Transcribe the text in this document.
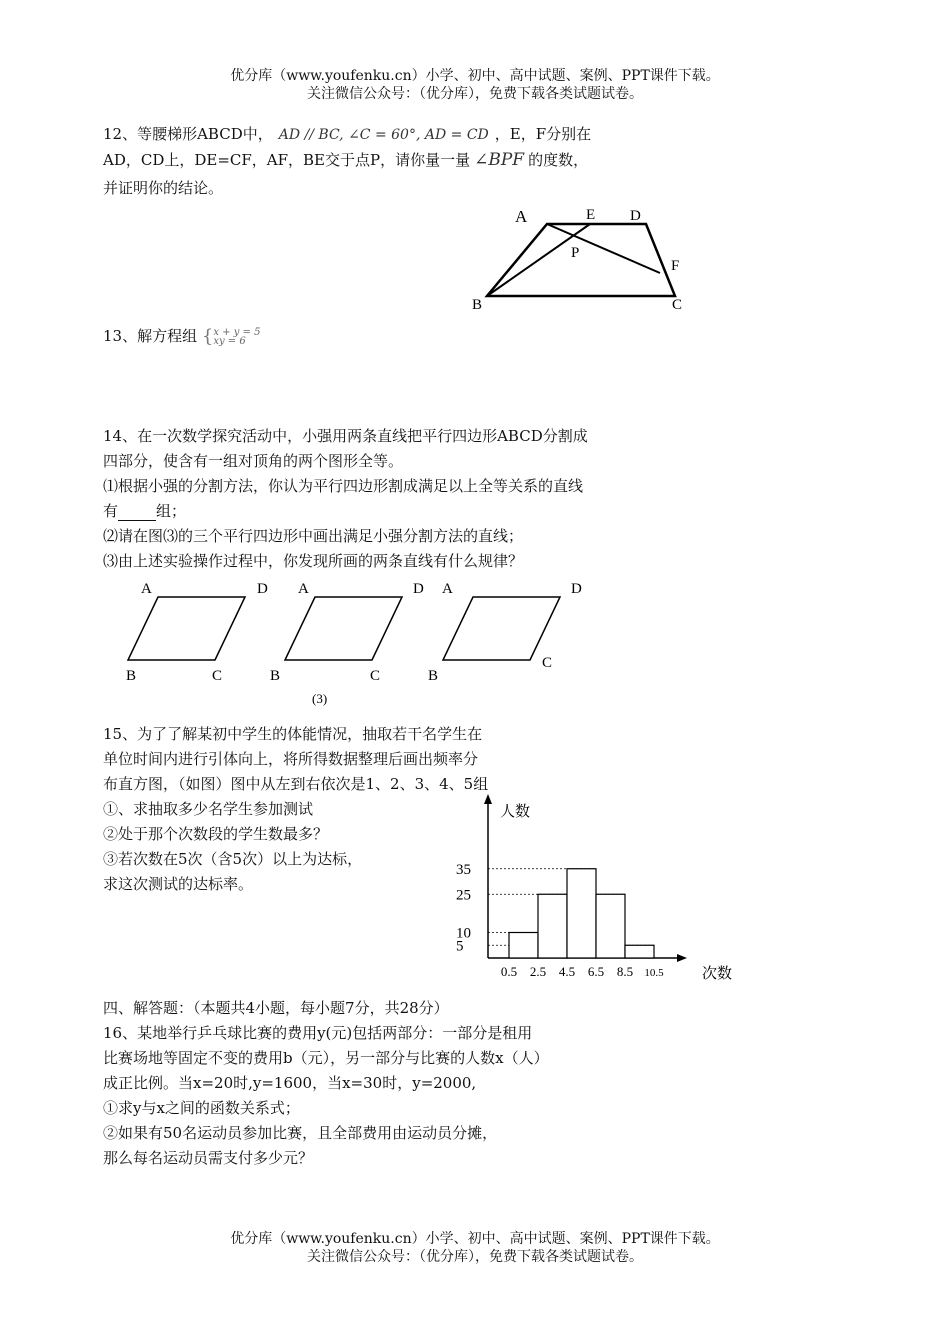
优分库（www.youfenku.cn）小学、初中、高中试题、案例、PPT课件下载。
关注微信公众号：（优分库），免费下载各类试题试卷。
12、等腰梯形ABCD中， AD // BC, ∠C = 60°, AD = CD ，E，F分别在
AD，CD上，DE=CF，AF，BE交于点P，请你量一量 ∠BPF 的度数，
并证明你的结论。
A	E D
P
F
B	C
13、解方程组 {x + y = 5
xy = 6
14、在一次数学探究活动中，小强用两条直线把平行四边形ABCD分割成
四部分，使含有一组对顶角的两个图形全等。
⑴根据小强的分割方法，你认为平行四边形割成满足以上全等关系的直线
有	组；
⑵请在图⑶的三个平行四边形中画出满足小强分割方法的直线；
⑶由上述实验操作过程中，你发现所画的两条直线有什么规律？
A	D
B	C
A	D
B	C
(3)
A	D
B
C
15、为了了解某初中学生的体能情况，抽取若干名学生在
单位时间内进行引体向上，将所得数据整理后画出频率分
布直方图，（如图）图中从左到右依次是1、2、3、4、5组
①、求抽取多少名学生参加测试
②处于那个次数段的学生数最多？
③若次数在5次（含5次）以上为达标，
求这次测试的达标率。
人数
次数
5
10
25
35
0.5 2.5 4.5 6.5 8.5 10.5
四、解答题：（本题共4小题，每小题7分，共28分）
16、某地举行乒乓球比赛的费用y(元)包括两部分：一部分是租用
比赛场地等固定不变的费用b（元），另一部分与比赛的人数x（人）
成正比例。当x=20时,y=1600，当x=30时，y=2000,
①求y与x之间的函数关系式；
②如果有50名运动员参加比赛，且全部费用由运动员分摊，
那么每名运动员需支付多少元？
优分库（www.youfenku.cn）小学、初中、高中试题、案例、PPT课件下载。
关注微信公众号：（优分库），免费下载各类试题试卷。
